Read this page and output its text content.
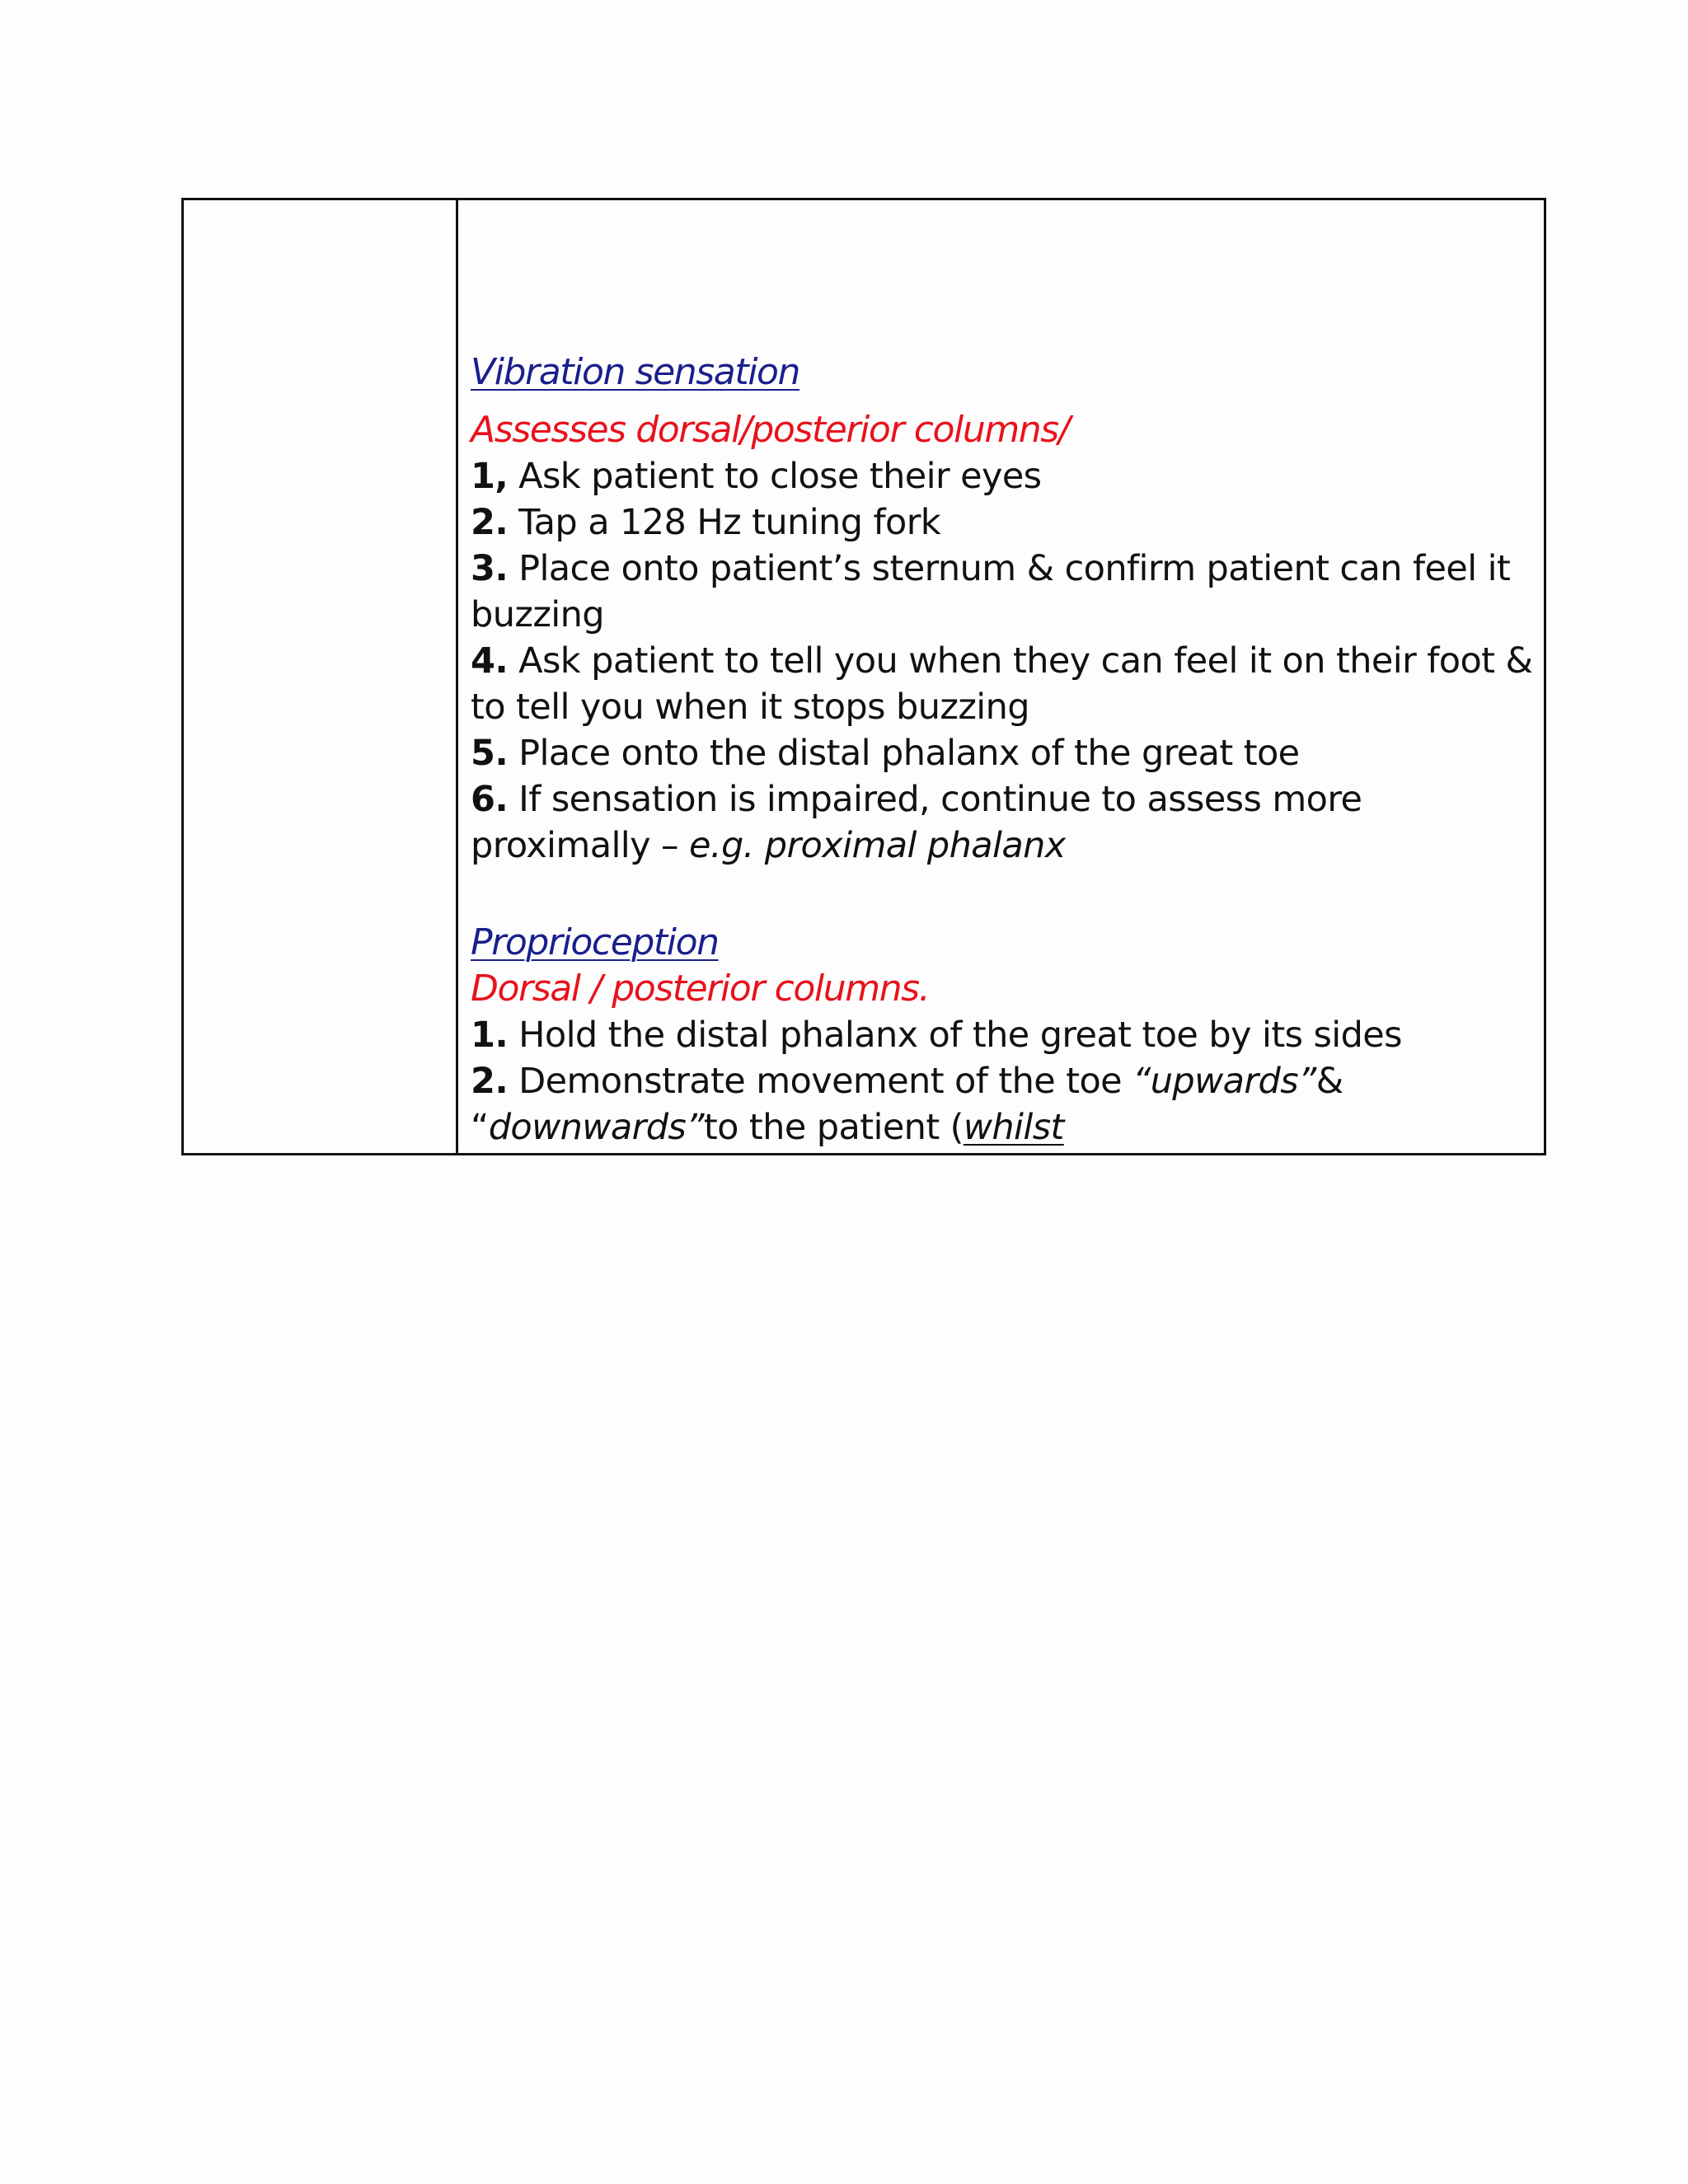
Vibration sensation
Assesses dorsal/posterior columns/
1, Ask patient to close their eyes
2. Tap a 128 Hz tuning fork
3. Place onto patient’s sternum & confirm patient can feel it
buzzing
4. Ask patient to tell you when they can feel it on their foot &
to tell you when it stops buzzing
5. Place onto the distal phalanx of the great toe
6. If sensation is impaired, continue to assess more
proximally – e.g. proximal phalanx
Proprioception
Dorsal / posterior columns.
1. Hold the distal phalanx of the great toe by its sides
2. Demonstrate movement of the toe “upwards”&
“downwards”to the patient (whilst
